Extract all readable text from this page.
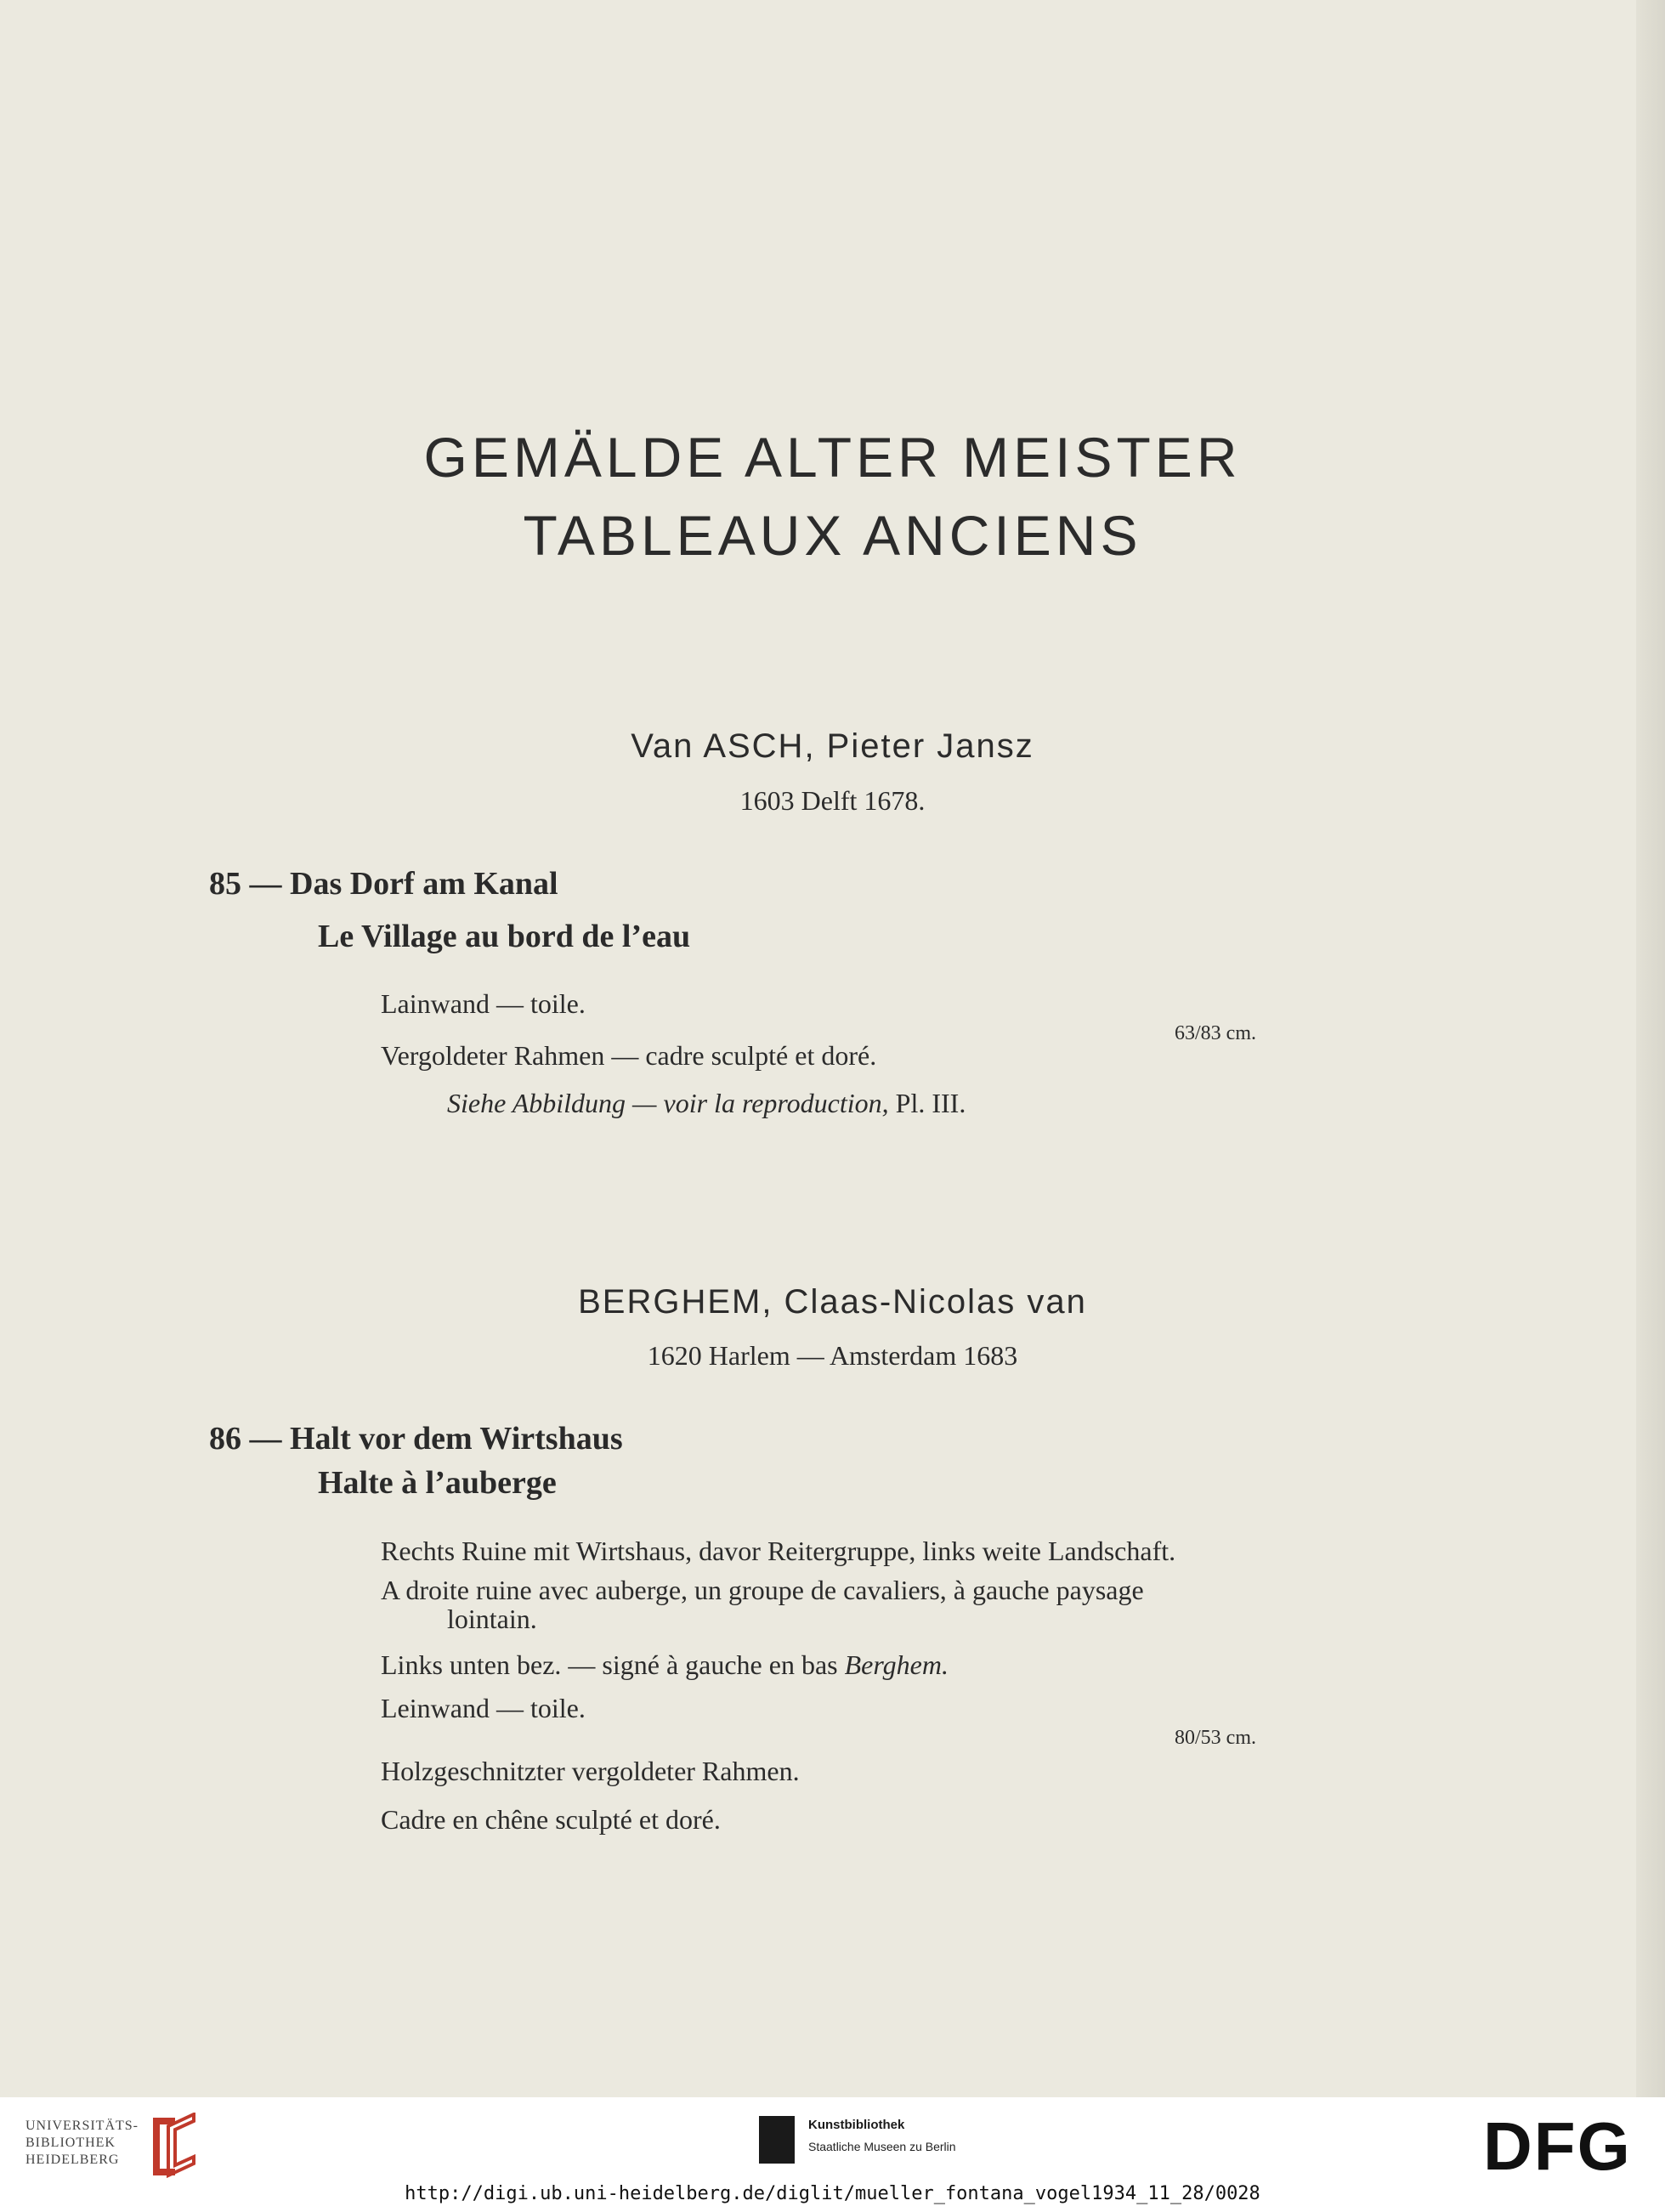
GEMÄLDE ALTER MEISTER
TABLEAUX ANCIENS
Van ASCH, Pieter Jansz
1603 Delft 1678.
85 — Das Dorf am Kanal
Le Village au bord de l’eau
Lainwand — toile.
63/83 cm.
Vergoldeter Rahmen — cadre sculpté et doré.
Siehe Abbildung — voir la reproduction, Pl. III.
BERGHEM, Claas-Nicolas van
1620 Harlem — Amsterdam 1683
86 — Halt vor dem Wirtshaus
Halte à l’auberge
Rechts Ruine mit Wirtshaus, davor Reitergruppe, links weite Landschaft.
A droite ruine avec auberge, un groupe de cavaliers, à gauche paysage
lointain.
Links unten bez. — signé à gauche en bas Berghem.
Leinwand — toile.
80/53 cm.
Holzgeschnitzter vergoldeter Rahmen.
Cadre en chêne sculpté et doré.
UNIVERSITÄTS-
BIBLIOTHEK
HEIDELBERG
Kunstbibliothek
Staatliche Museen zu Berlin	DFG
http://digi.ub.uni-heidelberg.de/diglit/mueller_fontana_vogel1934_11_28/0028
